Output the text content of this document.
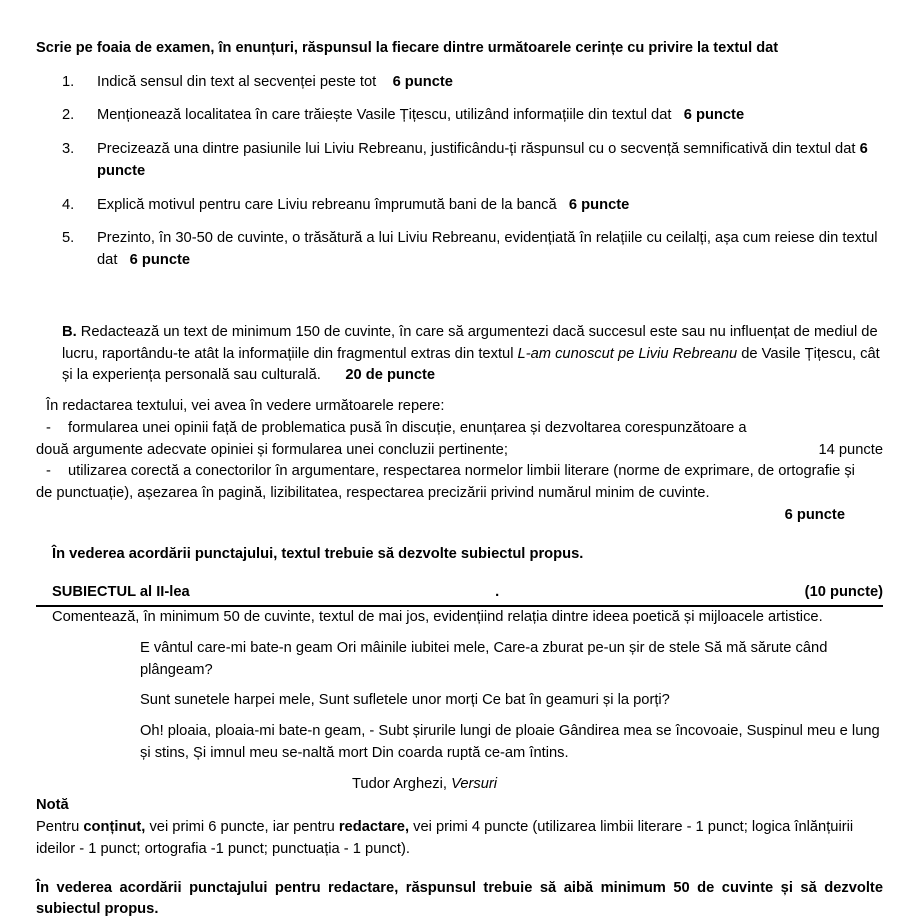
Scrie pe foaia de examen, în enunțuri, răspunsul la fiecare dintre următoarele cerințe cu privire la textul dat

1. Indică sensul din text al secvenței peste tot 6 puncte
2. Menționează localitatea în care trăiește Vasile Țițescu, utilizând informațiile din textul dat 6 puncte
3. Precizează una dintre pasiunile lui Liviu Rebreanu, justificându-ți răspunsul cu o secvență semnificativă din textul dat 6 puncte
4. Explică motivul pentru care Liviu rebreanu împrumută bani de la bancă 6 puncte
5. Prezinto, în 30-50 de cuvinte, o trăsătură a lui Liviu Rebreanu, evidențiată în relațiile cu ceilalți, așa cum reiese din textul dat 6 puncte

B. Redactează un text de minimum 150 de cuvinte, în care să argumentezi dacă succesul este sau nu influențat de mediul de lucru, raportându-te atât la informațiile din fragmentul extras din textul L-am cunoscut pe Liviu Rebreanu de Vasile Țițescu, cât și la experiența personală sau culturală. 20 de puncte

În redactarea textului, vei avea în vedere următoarele repere:

- formularea unei opinii față de problematica pusă în discuție, enunțarea și dezvoltarea corespunzătoare a

două argumente adecvate opiniei și formularea unei concluzii pertinente;	14 puncte

- utilizarea corectă a conectorilor în argumentare, respectarea normelor limbii literare (norme de exprimare, de ortografie și

de punctuație), așezarea în pagină, lizibilitatea, respectarea precizării privind numărul minim de cuvinte.

6 puncte

În vederea acordării punctajului, textul trebuie să dezvolte subiectul propus.

SUBIECTUL al II-lea	.	(10 puncte)

Comentează, în minimum 50 de cuvinte, textul de mai jos, evidențiind relația dintre ideea poetică și mijloacele artistice.

E vântul care-mi bate-n geam Ori mâinile iubitei mele, Care-a zburat pe-un șir de stele Să mă sărute când plângeam?

Sunt sunetele harpei mele, Sunt sufletele unor morți Ce bat în geamuri și la porți?

Oh! ploaia, ploaia-mi bate-n geam, - Subt șirurile lungi de ploaie Gândirea mea se încovoaie, Suspinul meu e lung și stins, Și imnul meu se-naltă mort Din coarda ruptă ce-am întins.

Tudor Arghezi, Versuri

Notă

Pentru conținut, vei primi 6 puncte, iar pentru redactare, vei primi 4 puncte (utilizarea limbii literare - 1 punct; logica înlănțuirii ideilor - 1 punct; ortografia -1 punct; punctuația - 1 punct).

În vederea acordării punctajului pentru redactare, răspunsul trebuie să aibă minimum 50 de cuvinte și să dezvolte subiectul propus.
